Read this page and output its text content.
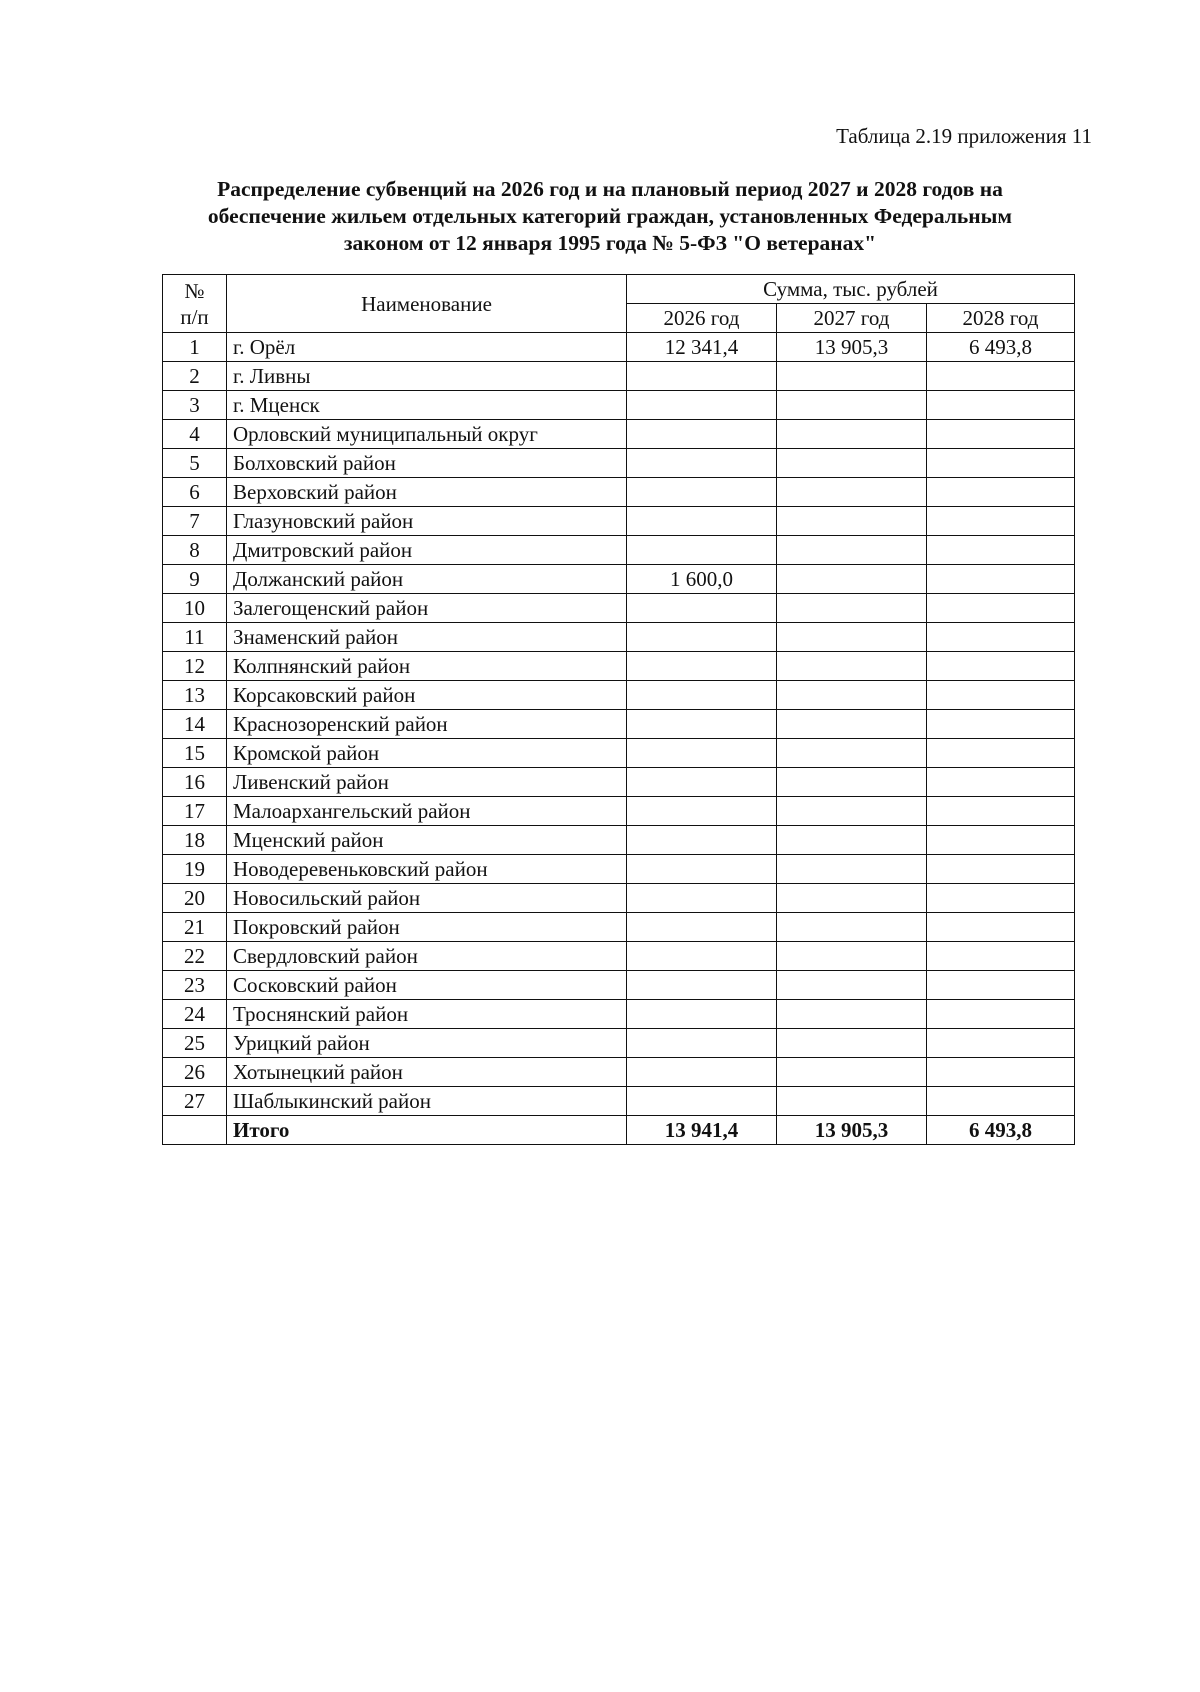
Таблица 2.19 приложения 11
Распределение субвенций на 2026 год и на плановый период 2027 и 2028 годов на
обеспечение жильем отдельных категорий граждан, установленных Федеральным
законом от 12 января 1995 года № 5-ФЗ "О ветеранах"
№
п/п	Наименование	Сумма, тыс. рублей		
		2026 год	2027 год	2028 год
1	г. Орёл	12 341,4	13 905,3	6 493,8
2	г. Ливны			
3	г. Мценск			
4	Орловский муниципальный округ			
5	Болховский район			
6	Верховский район			
7	Глазуновский район			
8	Дмитровский район			
9	Должанский район	1 600,0		
10	Залегощенский район			
11	Знаменский район			
12	Колпнянский район			
13	Корсаковский район			
14	Краснозоренский район			
15	Кромской район			
16	Ливенский район			
17	Малоархангельский район			
18	Мценский район			
19	Новодеревеньковский район			
20	Новосильский район			
21	Покровский район			
22	Свердловский район			
23	Сосковский район			
24	Троснянский район			
25	Урицкий район			
26	Хотынецкий район			
27	Шаблыкинский район			
	Итого	13 941,4	13 905,3	6 493,8
